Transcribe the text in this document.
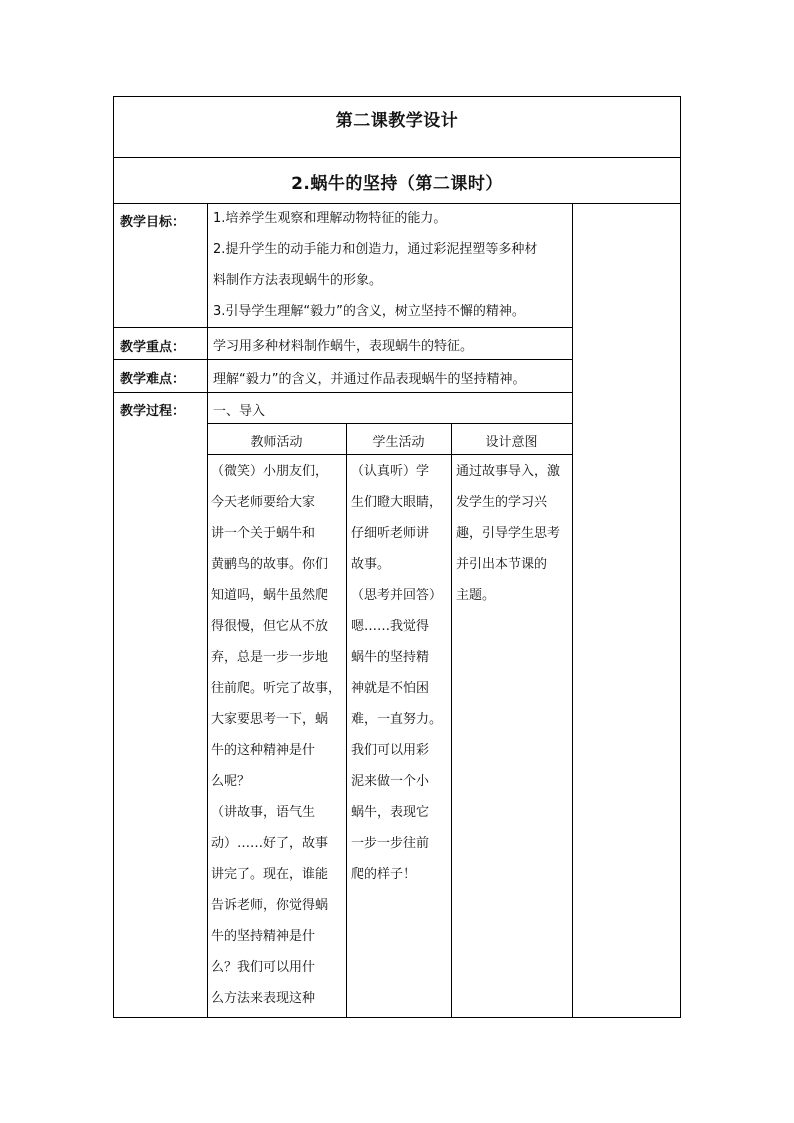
第二课教学设计
2.蜗牛的坚持（第二课时）
教学目标： 1.培养学生观察和理解动物特征的能力。
2.提升学生的动手能力和创造力，通过彩泥捏塑等多种材
料制作方法表现蜗牛的形象。
3.引导学生理解“毅力”的含义，树立坚持不懈的精神。
教学重点： 学习用多种材料制作蜗牛，表现蜗牛的特征。
教学难点： 理解“毅力”的含义，并通过作品表现蜗牛的坚持精神。
教学过程： 一、导入
教师活动	学生活动	设计意图
（微笑）小朋友们，
今天老师要给大家
讲一个关于蜗牛和
黄鹂鸟的故事。你们
知道吗，蜗牛虽然爬
得很慢，但它从不放
弃，总是一步一步地
往前爬。听完了故事，
大家要思考一下，蜗
牛的这种精神是什
么呢？
（讲故事，语气生
动）……好了，故事
讲完了。现在，谁能
告诉老师，你觉得蜗
牛的坚持精神是什
么？我们可以用什
么方法来表现这种
（认真听）学
生们瞪大眼睛，
仔细听老师讲
故事。
（思考并回答）
嗯……我觉得
蜗牛的坚持精
神就是不怕困
难，一直努力。
我们可以用彩
泥来做一个小
蜗牛，表现它
一步一步往前
爬的样子！
通过故事导入，激
发学生的学习兴
趣，引导学生思考
并引出本节课的
主题。
